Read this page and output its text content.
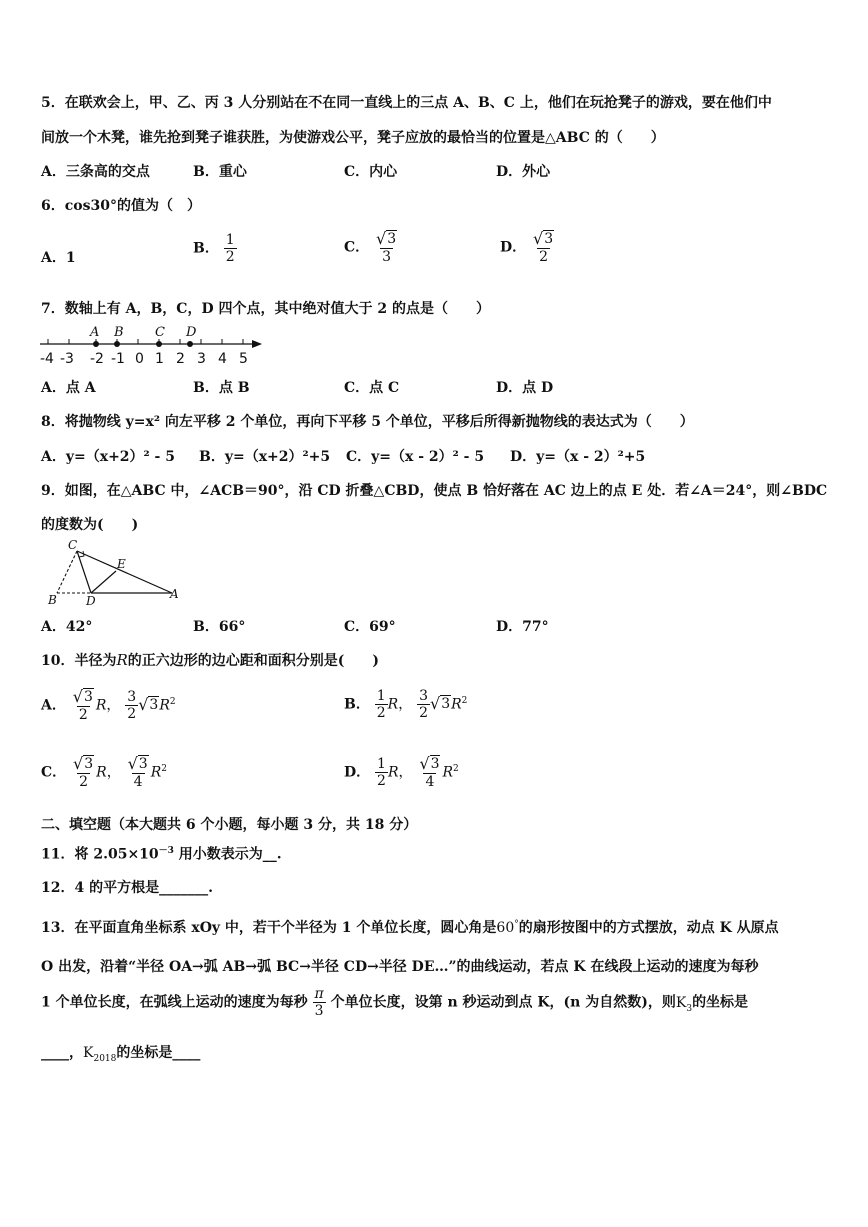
5．在联欢会上，甲、乙、丙 3 人分别站在不在同一直线上的三点 A、B、C 上，他们在玩抢凳子的游戏，要在他们中
间放一个木凳，谁先抢到凳子谁获胜，为使游戏公平，凳子应放的最恰当的位置是△ABC 的（　　）
A．三条高的交点	B．重心	C．内心	D．外心
6．cos30°的值为（　）
A．1
B． $\frac{1}{2}$	C． $\frac{√ 3}{3}$	D． $\frac{√ 3}{2}$
7．数轴上有 A，B，C，D 四个点，其中绝对值大于 2 的点是（　　）
-4 -3 -2 -1 0 1 2 3 4 5
A B C D
A．点 A	B．点 B	C．点 C	D．点 D
8．将抛物线 y=x² 向左平移 2 个单位，再向下平移 5 个单位，平移后所得新抛物线的表达式为（　　）
A．y=（x+2）² - 5 B．y=（x+2）²+5 C．y=（x - 2）² - 5 D．y=（x - 2）²+5
9．如图，在△ABC 中，∠ACB＝90°，沿 CD 折叠△CBD，使点 B 恰好落在 AC 边上的点 E 处．若∠A＝24°，则∠BDC
的度数为(　　)
C
E
B D	A
A．42°	B．66°	C．69°	D．77°
10．半径为R的正六边形的边心距和面积分别是(　　)
A． $\frac{√ 3}{2}$ R， $\frac{3}{2}$ √ 3 $R^2$	B． $\frac{1}{2}$ R， $\frac{3}{2}$ √ 3 $R^2$
C． $\frac{√ 3}{2}$ R， $\frac{√ 3}{4} R^2$	D． $\frac{1}{2}$ R， $\frac{√ 3}{4} R^2$
二、填空题（本大题共 6 个小题，每小题 3 分，共 18 分）
11．将 $2.05\times 10^{-3}$ 用小数表示为__.
12．4 的平方根是_______.
13．在平面直角坐标系 xOy 中，若干个半径为 1 个单位长度，圆心角是60°的扇形按图中的方式摆放，动点 K 从原点
O 出发，沿着“半径 OA→弧 AB→弧 BC→半径 CD→半径 DE…”的曲线运动，若点 K 在线段上运动的速度为每秒
1 个单位长度，在弧线上运动的速度为每秒 $\frac{\pi}{3}$ 个单位长度，设第 n 秒运动到点 K，(n 为自然数)，则$K_3$的坐标是
____，$K_{2018}$的坐标是____
